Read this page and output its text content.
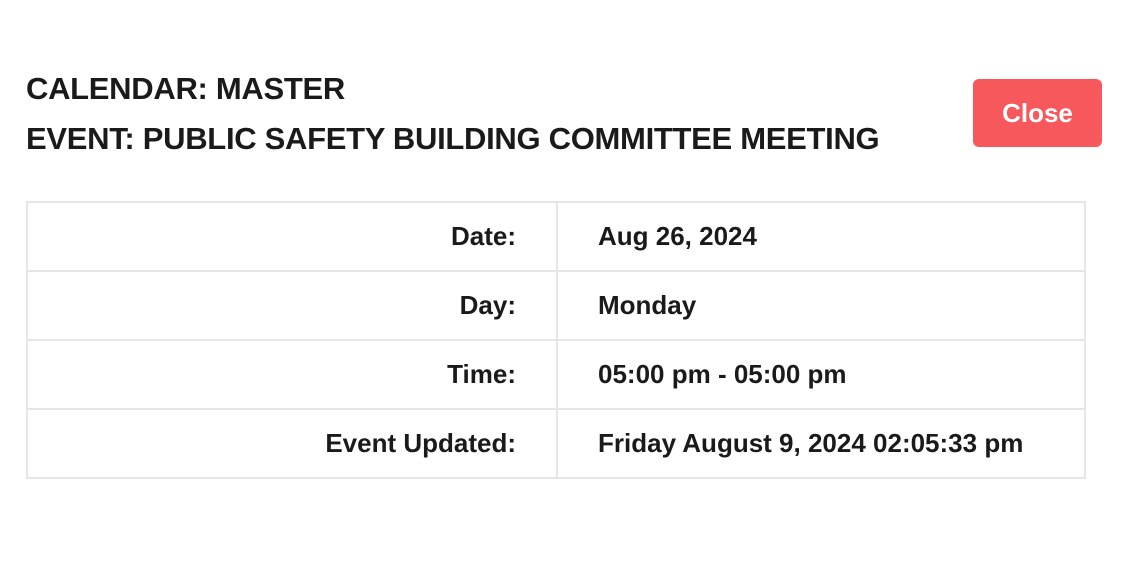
CALENDAR: MASTER
EVENT: PUBLIC SAFETY BUILDING COMMITTEE MEETING
Close
Date:	Aug 26, 2024
Day:	Monday
Time:	05:00 pm - 05:00 pm
Event Updated:	Friday August 9, 2024 02:05:33 pm
